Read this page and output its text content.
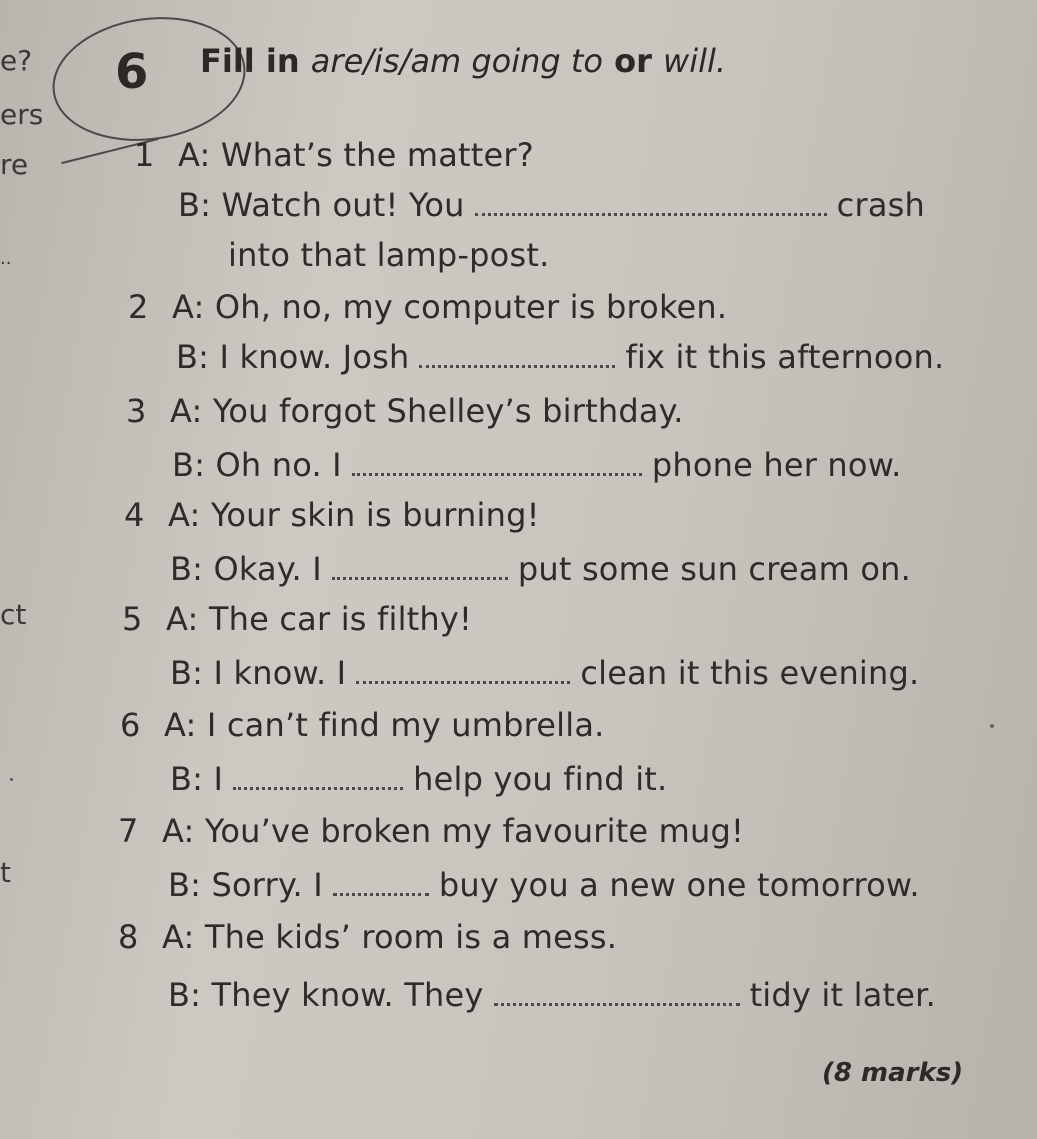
e?
ers
re
..
ct
t
6 Fill in are/is/am going to or will.
1 A: What’s the matter?
B: Watch out! You	crash
into that lamp-post.
2 A: Oh, no, my computer is broken.
B: I know. Josh	fix it this afternoon.
3 A: You forgot Shelley’s birthday.
B: Oh no. I	phone her now.
4 A: Your skin is burning!
B: Okay. I	put some sun cream on.
5 A: The car is filthy!
B: I know. I	clean it this evening.
6 A: I can’t find my umbrella.
B: I	help you find it.
7 A: You’ve broken my favourite mug!
B: Sorry. I	buy you a new one tomorrow.
8 A: The kids’ room is a mess.
B: They know. They	tidy it later.
(8 marks)
